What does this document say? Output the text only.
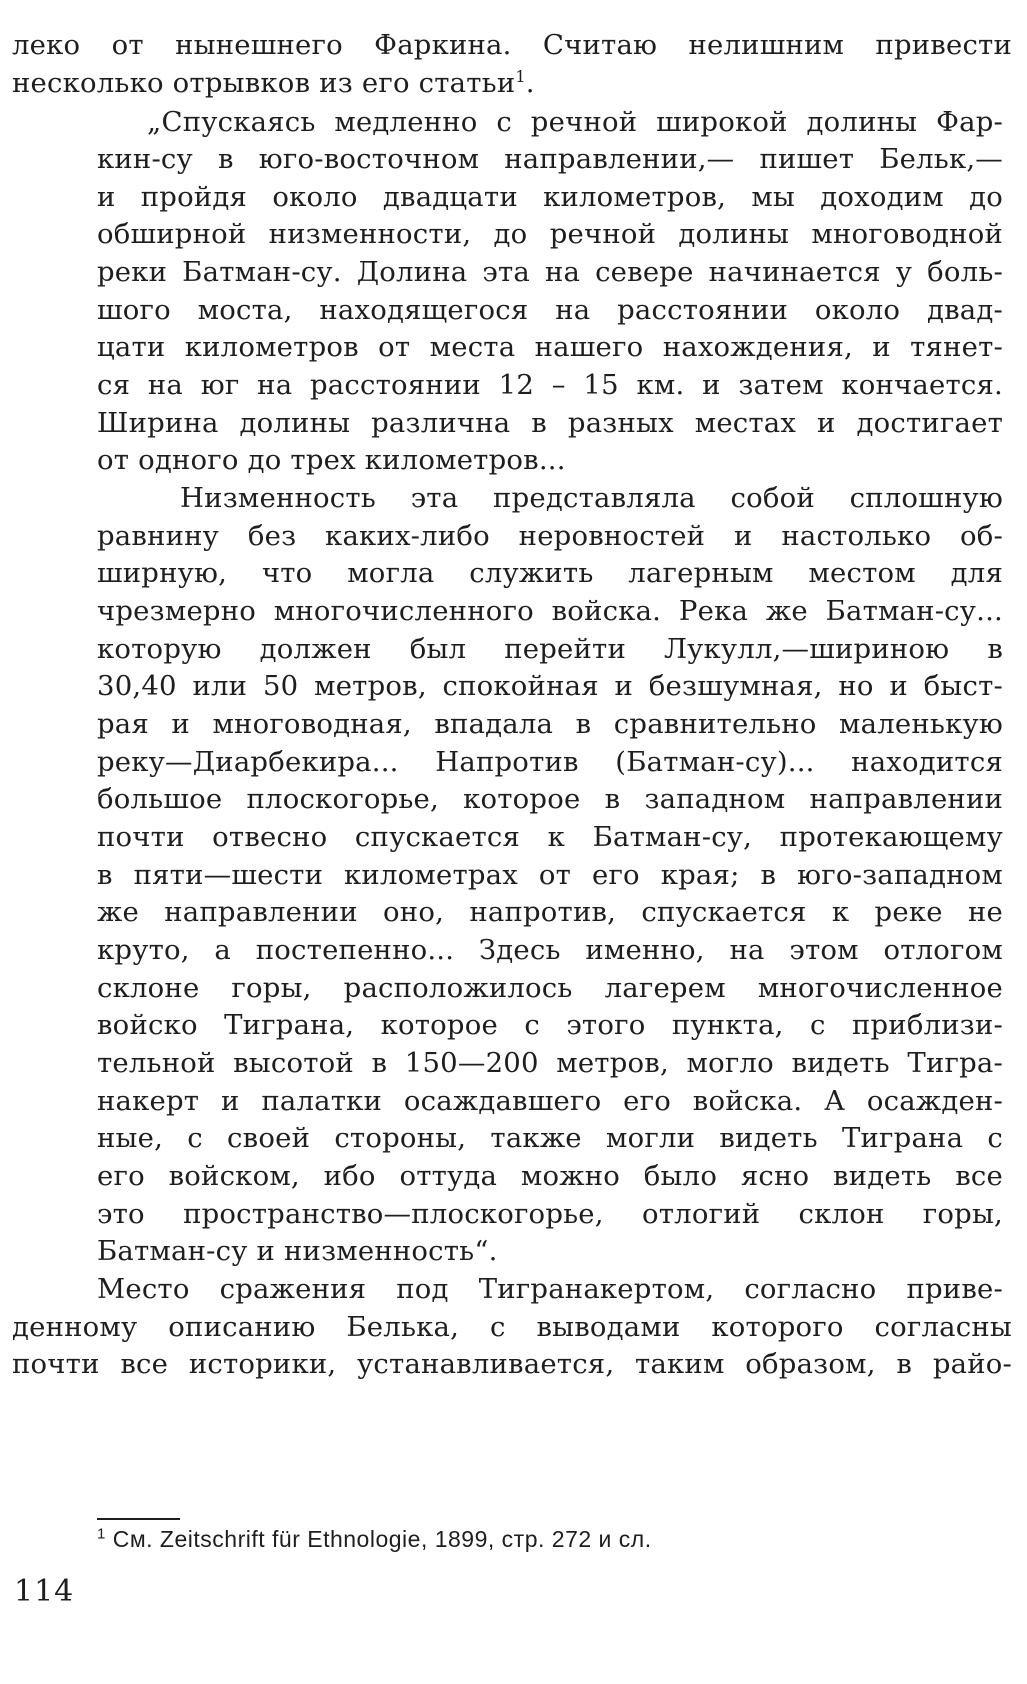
леко от нынешнего Фаркина. Считаю нелишним привести
несколько отрывков из его статьи$^1$.
„Спускаясь медленно с речной широкой долины Фар-
кин-су в юго-восточном направлении,— пишет Бельк,—
и пройдя около двадцати километров, мы доходим до
обширной низменности, до речной долины многоводной
реки Батман-су. Долина эта на севере начинается у боль-
шого моста, находящегося на расстоянии около двад-
цати километров от места нашего нахождения, и тянет-
ся на юг на расстоянии 12 – 15 км. и затем кончается.
Ширина долины различна в разных местах и достигает
от одного до трех километров...
Низменность эта представляла собой сплошную
равнину без каких-либо неровностей и настолько об-
ширную, что могла служить лагерным местом для
чрезмерно многочисленного войска. Река же Батман-су...
которую должен был перейти Лукулл,—шириною в
30,40 или 50 метров, спокойная и безшумная, но и быст-
рая и многоводная, впадала в сравнительно маленькую
реку—Диарбекира... Напротив (Батман-су)... находится
большое плоскогорье, которое в западном направлении
почти отвесно спускается к Батман-су, протекающему
в пяти—шести километрах от его края; в юго-западном
же направлении оно, напротив, спускается к реке не
круто, а постепенно... Здесь именно, на этом отлогом
склоне горы, расположилось лагерем многочисленное
войско Тиграна, которое с этого пункта, с приблизи-
тельной высотой в 150—200 метров, могло видеть Тигра-
накерт и палатки осаждавшего его войска. А осажден-
ные, с своей стороны, также могли видеть Тиграна с
его войском, ибо оттуда можно было ясно видеть все
это пространство—плоскогорье, отлогий склон горы,
Батман-су и низменность“.
Место сражения под Тигранакертом, согласно приве-
денному описанию Белька, с выводами которого согласны
почти все историки, устанавливается, таким образом, в райо-
$^1$ См. Zeitschrift für Ethnologie, 1899, стр. 272 и сл.
114
